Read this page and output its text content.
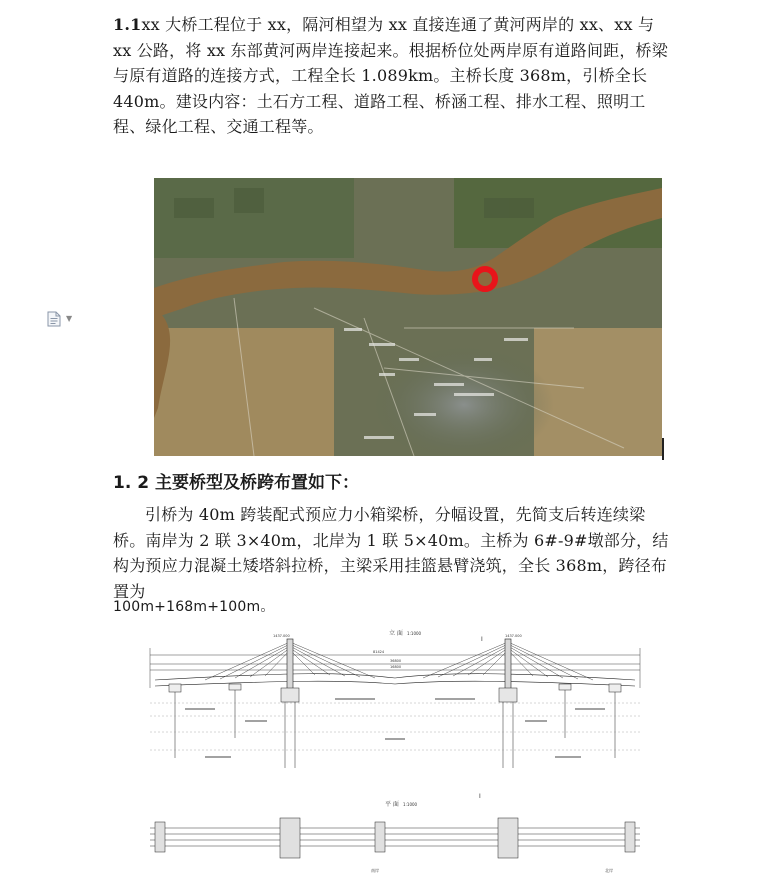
1.1xx 大桥工程位于 xx，隔河相望为 xx 直接连通了黄河两岸的 xx、xx 与 xx 公路，将 xx 东部黄河两岸连接起来。根据桥位处两岸原有道路间距，桥梁与原有道路的连接方式，工程全长 1.089km。主桥长度 368m，引桥全长 440m。建设内容：土石方工程、道路工程、桥涵工程、排水工程、照明工程、绿化工程、交通工程等。
▼
1. 2 主要桥型及桥跨布置如下：
引桥为 40m 跨装配式预应力小箱梁桥，分幅设置，先简支后转连续梁桥。南岸为 2 联 3×40m，北岸为 1 联 5×40m。主桥为 6#-9#墩部分，结构为预应力混凝土矮塔斜拉桥，主梁采用挂篮悬臂浇筑，全长 368m，跨径布置为
100m+168m+100m。
立 面 1:1000
1437.000	1437.000
I
I
81424
36800
16800
平 面 1:1000
南岸	北岸
